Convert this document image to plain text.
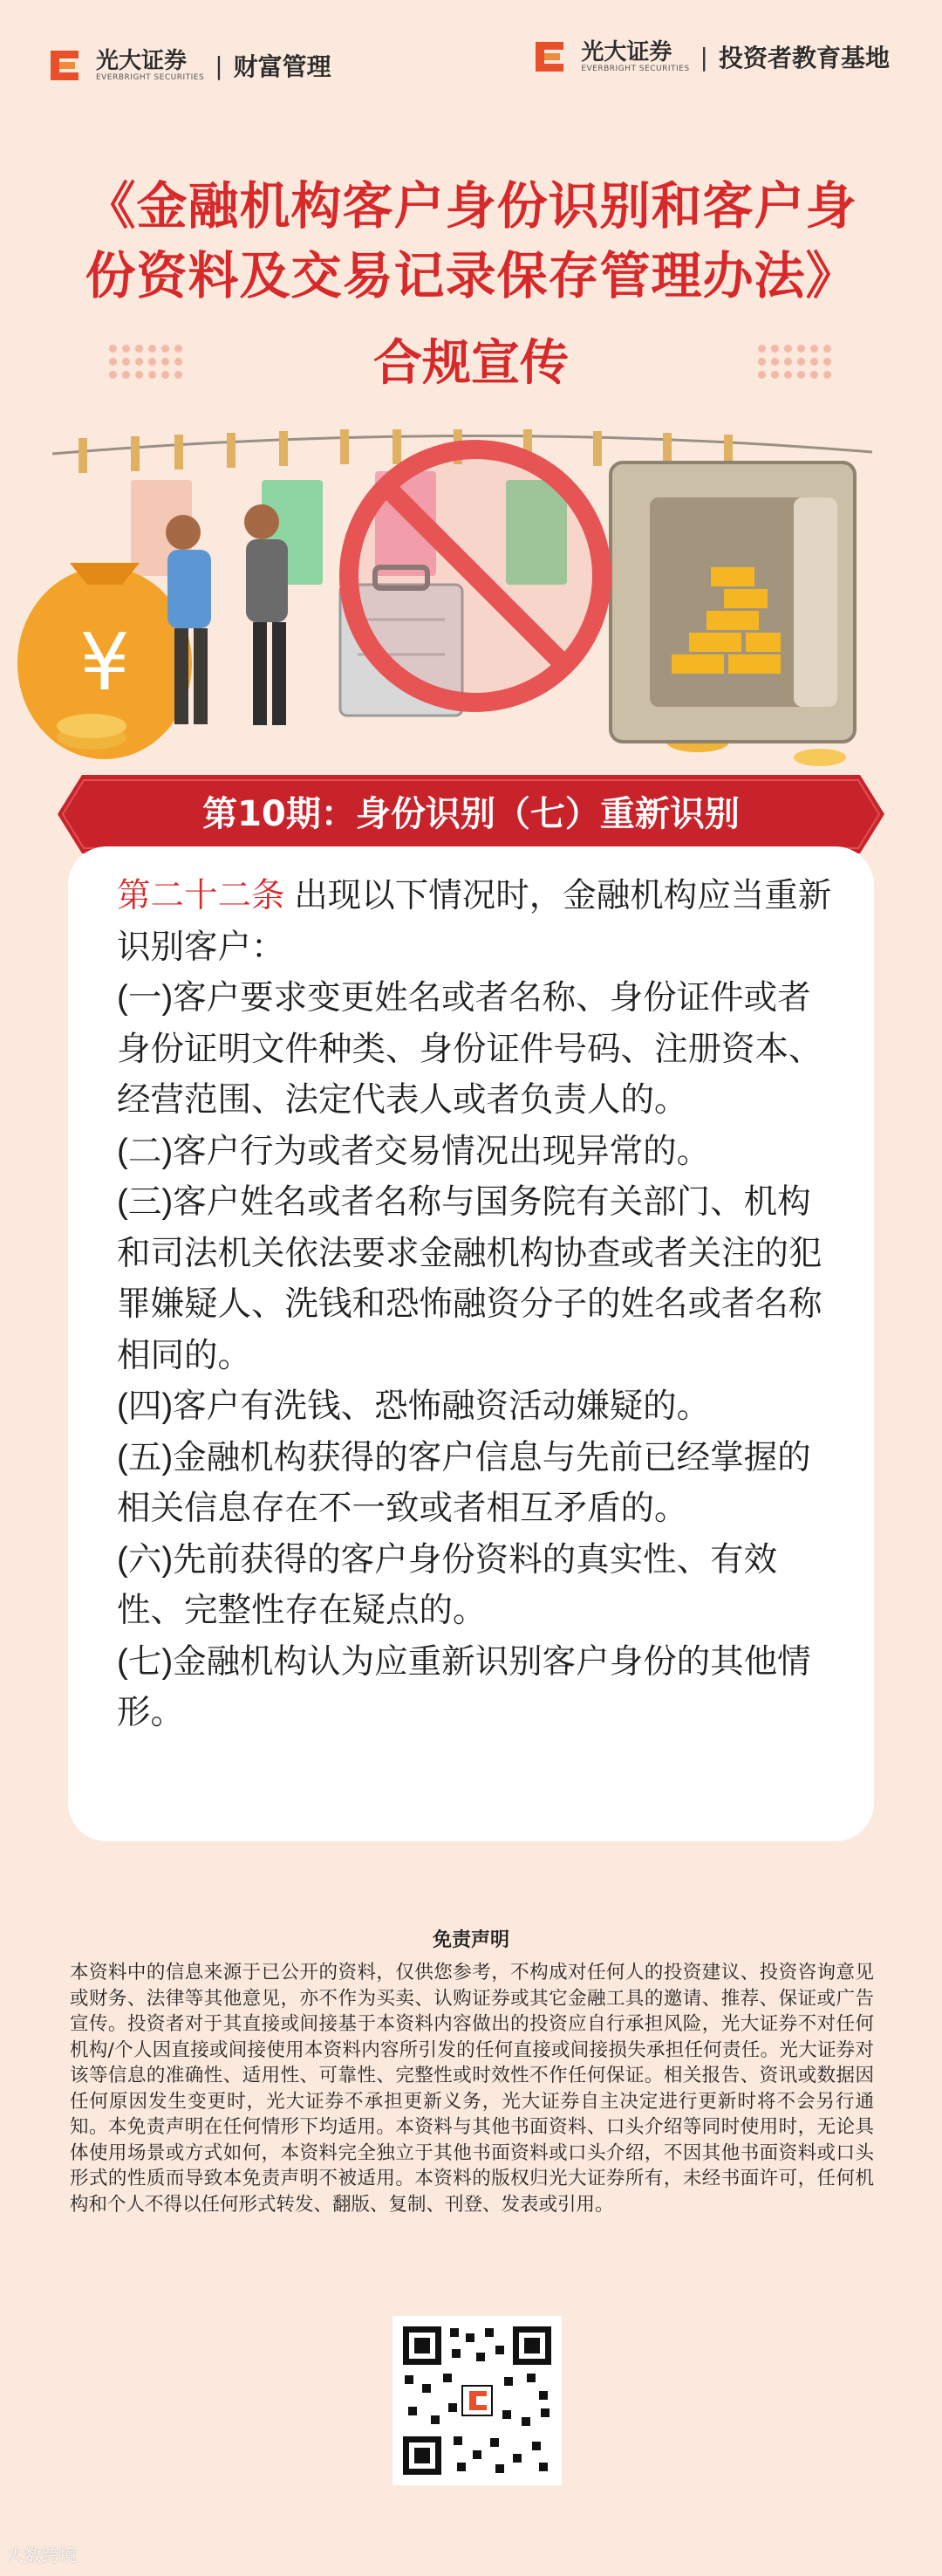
光大证券
EVERBRIGHT SECURITIES | 财富管理	光大证券
EVERBRIGHT SECURITIES | 投资者教育基地
《金融机构客户身份识别和客户身
份资料及交易记录保存管理办法》
合规宣传
¥
第10期：身份识别（七）重新识别

第二十二条 出现以下情况时，金融机构应当重新识别客户：

(一)客户要求变更姓名或者名称、身份证件或者身份证明文件种类、身份证件号码、注册资本、经营范围、法定代表人或者负责人的。

(二)客户行为或者交易情况出现异常的。

(三)客户姓名或者名称与国务院有关部门、机构和司法机关依法要求金融机构协查或者关注的犯罪嫌疑人、洗钱和恐怖融资分子的姓名或者名称相同的。

(四)客户有洗钱、恐怖融资活动嫌疑的。

(五)金融机构获得的客户信息与先前已经掌握的相关信息存在不一致或者相互矛盾的。

(六)先前获得的客户身份资料的真实性、有效性、完整性存在疑点的。

(七)金融机构认为应重新识别客户身份的其他情形。

免责声明
本资料中的信息来源于已公开的资料，仅供您参考，不构成对任何人的投资建议、投资咨询意见或财务、法律等其他意见，亦不作为买卖、认购证券或其它金融工具的邀请、推荐、保证或广告宣传。投资者对于其直接或间接基于本资料内容做出的投资应自行承担风险，光大证券不对任何机构/个人因直接或间接使用本资料内容所引发的任何直接或间接损失承担任何责任。光大证券对该等信息的准确性、适用性、可靠性、完整性或时效性不作任何保证。相关报告、资讯或数据因任何原因发生变更时，光大证券不承担更新义务，光大证券自主决定进行更新时将不会另行通知。本免责声明在任何情形下均适用。本资料与其他书面资料、口头介绍等同时使用时，无论具体使用场景或方式如何，本资料完全独立于其他书面资料或口头介绍，不因其他书面资料或口头形式的性质而导致本免责声明不被适用。本资料的版权归光大证券所有，未经书面许可，任何机构和个人不得以任何形式转发、翻版、复制、刊登、发表或引用。
大数跨境
